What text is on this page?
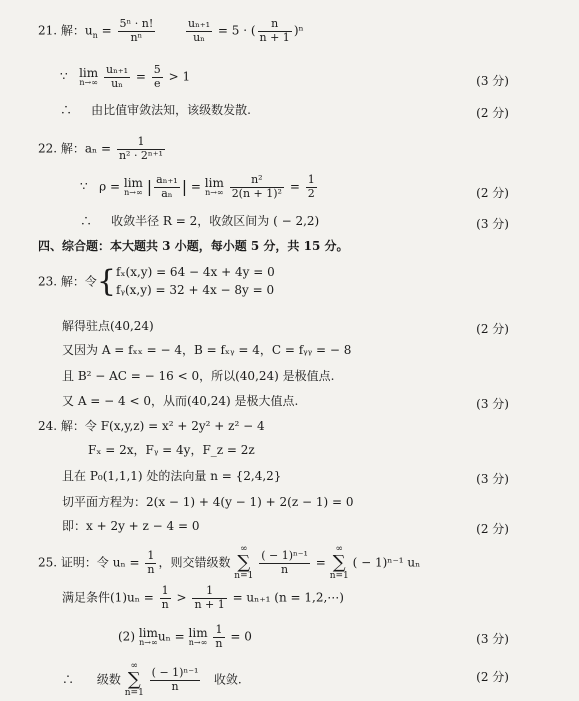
21. 解：$u_n = \frac{\text{5ⁿ · n!}}{\text{nⁿ}}$
	$\frac{\text{uₙ₊₁}}{\text{uₙ}} = 5$ · ( $\frac{n}{n + 1} )^n$
∵ lim
n→∞
$\frac{\text{uₙ₊₁}}{\text{uₙ}} = \frac{5}{e} > 1$	(3 分)
∴ 由比值审敛法知，该级数发散.	(2 分)
22. 解：$a_n = \frac{1}{\text{n² · 2ⁿ⁺¹}}$
∵ ρ = lim
n→∞ | $\frac{\text{aₙ₊₁}}{\text{aₙ}}$ | = lim
n→∞
$\frac{\text{n²}}{\text{2(n + 1)²}} = \frac{1}{2}$	(2 分)
∴ 收敛半径 R = 2，收敛区间为 ( − 2,2)	(3 分)
四、综合题：本大题共 3 小题，每小题 5 分，共 15 分。
23. 解：令{ fₓ(x,y) = 64 − 4x + 4y = 0
fᵧ(x,y) = 32 + 4x − 8y = 0
解得驻点(40,24)	(2 分)
又因为 A = fₓₓ = − 4，B = fₓᵧ = 4，C = fᵧᵧ = − 8
且 B² − AC = − 16 < 0，所以(40,24) 是极值点.
又 A = − 4 < 0，从而(40,24) 是极大值点.	(3 分)
24. 解：令 F(x,y,z) = x² + 2y² + z² − 4
Fₓ = 2x，Fᵧ = 4y，F_z = 2z
且在 P₀(1,1,1) 处的法向量 n = {2,4,2}	(3 分)
切平面方程为：2(x − 1) + 4(y − 1) + 2(z − 1) = 0
即：x + 2y + z − 4 = 0	(2 分)
25. 证明：令 $u_n = \frac{1}{n}$ ，则交错级数 ∞
∑
$n=1 \frac{\text{( − 1)ⁿ⁻¹}}{n}$ = ∞
∑
n=1 ( − 1)ⁿ⁻¹ uₙ
满足条件$(1)u_n = \frac{1}{n} > \frac{1}{n + 1} = u_{n+1}$ (n = 1,2,⋯)
(2) lim
n→∞ uₙ = lim
n→∞
$\frac{1}{n} = 0$	(3 分)
∴ 级数 ∞
∑
$n=1 \frac{\text{( − 1)ⁿ⁻¹}}{n}$ 收敛.	(2 分)
